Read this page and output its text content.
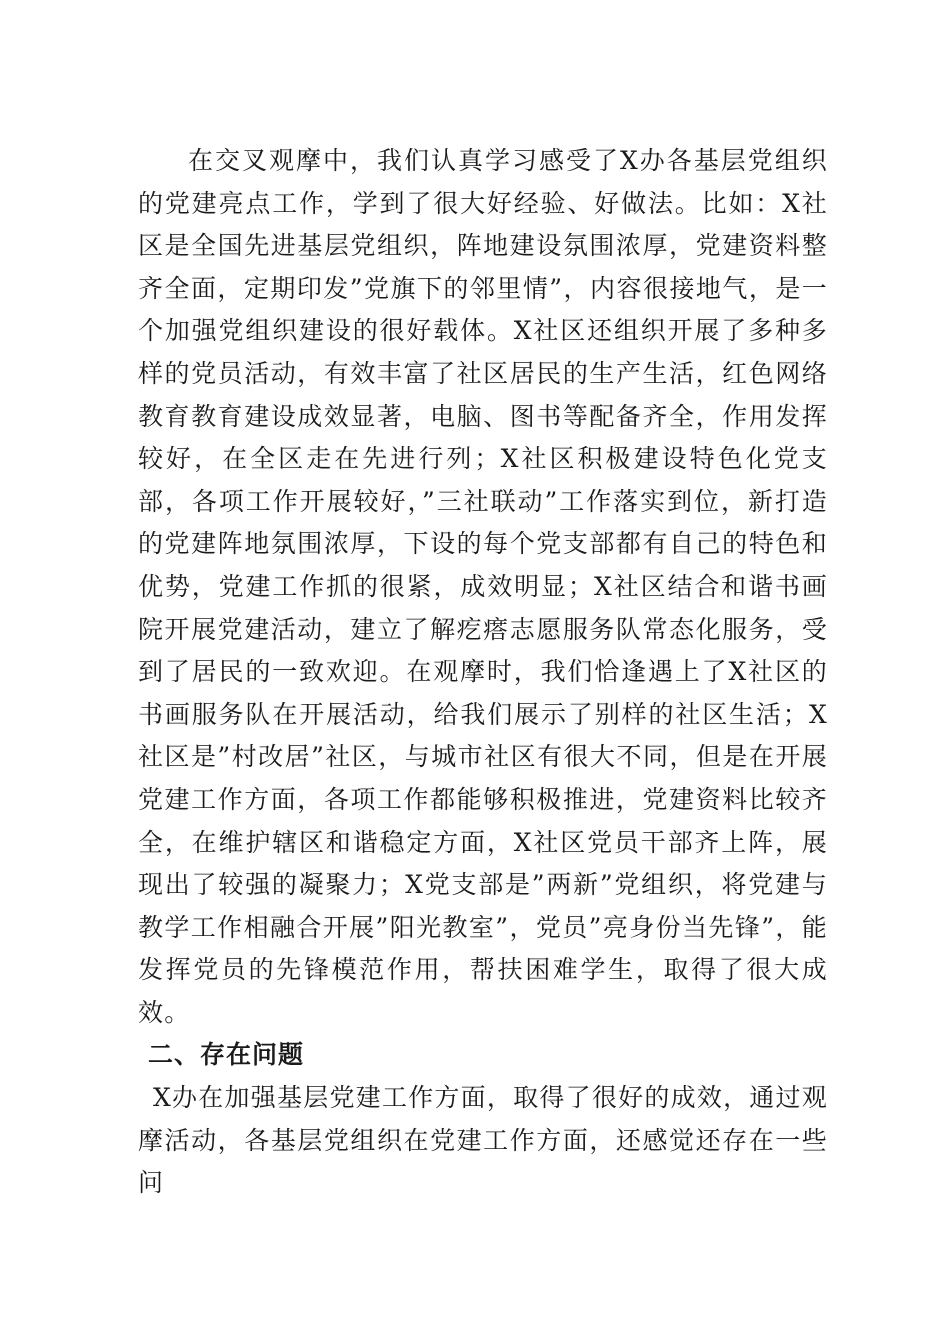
在交叉观摩中，我们认真学习感受了X办各基层党组织的党建亮点工作，学到了很大好经验、好做法。比如：X社区是全国先进基层党组织，阵地建设氛围浓厚，党建资料整齐全面，定期印发”党旗下的邻里情”，内容很接地气，是一个加强党组织建设的很好载体。X社区还组织开展了多种多样的党员活动，有效丰富了社区居民的生产生活，红色网络教育教育建设成效显著，电脑、图书等配备齐全，作用发挥较好，在全区走在先进行列；X社区积极建设特色化党支部，各项工作开展较好，”三社联动”工作落实到位，新打造的党建阵地氛围浓厚，下设的每个党支部都有自己的特色和优势，党建工作抓的很紧，成效明显；X社区结合和谐书画院开展党建活动，建立了解疙瘩志愿服务队常态化服务，受到了居民的一致欢迎。在观摩时，我们恰逢遇上了X社区的书画服务队在开展活动，给我们展示了别样的社区生活；X社区是”村改居”社区，与城市社区有很大不同，但是在开展党建工作方面，各项工作都能够积极推进，党建资料比较齐全，在维护辖区和谐稳定方面，X社区党员干部齐上阵，展现出了较强的凝聚力；X党支部是”两新”党组织，将党建与教学工作相融合开展”阳光教室”，党员”亮身份当先锋”，能发挥党员的先锋模范作用，帮扶困难学生，取得了很大成效。

二、存在问题

X办在加强基层党建工作方面，取得了很好的成效，通过观摩活动，各基层党组织在党建工作方面，还感觉还存在一些问
